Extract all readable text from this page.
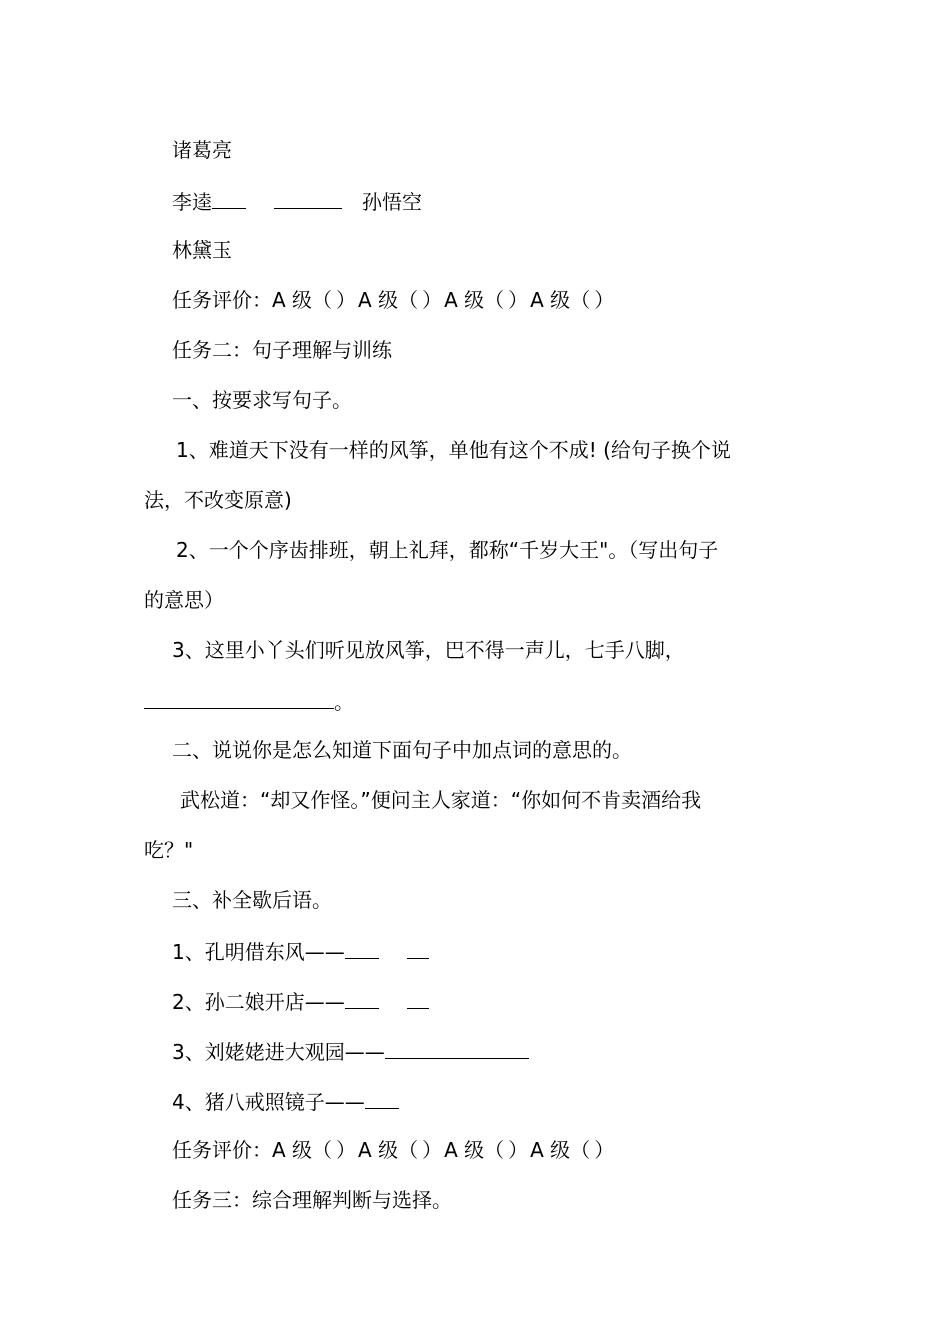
诸葛亮
李逵	孙悟空
林黛玉
任务评价：A 级（ ） A 级（ ） A 级（ ） A 级（ ）
任务二：句子理解与训练
一、按要求写句子。
1、难道天下没有一样的风筝，单他有这个不成! (给句子换个说
法，不改变原意)
2、一个个序齿排班，朝上礼拜，都称“千岁大王"。（写出句子
的意思）
3、这里小丫头们听见放风筝，巴不得一声儿，七手八脚，
。
二、说说你是怎么知道下面句子中加点词的意思的。
武松道：“却又作怪。”便问主人家道：“你如何不肯卖酒给我
吃？"
三、补全歇后语。
1、孔明借东风——
2、孙二娘开店——
3、刘姥姥进大观园——
4、猪八戒照镜子——
任务评价：A 级（ ） A 级（ ） A 级（ ） A 级（ ）
任务三：综合理解判断与选择。
